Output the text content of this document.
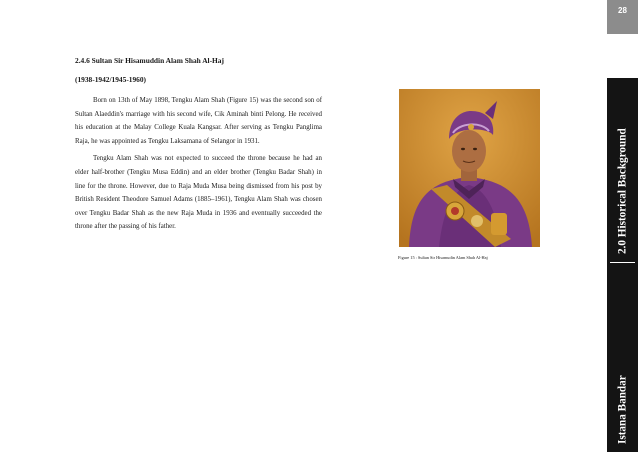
2.4.6 Sultan Sir Hisamuddin Alam Shah Al-Haj
(1938-1942/1945-1960)

Born on 13th of May 1898, Tengku Alam Shah (Figure 15) was the second son of Sultan Alaeddin's marriage with his second wife, Cik Aminah binti Pelong. He received his education at the Malay College Kuala Kangsar. After serving as Tengku Panglima Raja, he was appointed as Tengku Laksamana of Selangor in 1931.

Tengku Alam Shah was not expected to succeed the throne because he had an elder half-brother (Tengku Musa Eddin) and an elder brother (Tengku Badar Shah) in line for the throne. However, due to Raja Muda Musa being dismissed from his post by British Resident Theodore Samuel Adams (1885–1961), Tengku Alam Shah was chosen over Tengku Badar Shah as the new Raja Muda in 1936 and eventually succeeded the throne after the passing of his father.

Figure 15 : Sultan Sir Hisamudin Alam Shah Al-Haj

28
2.0 Historical Background
Istana Bandar
